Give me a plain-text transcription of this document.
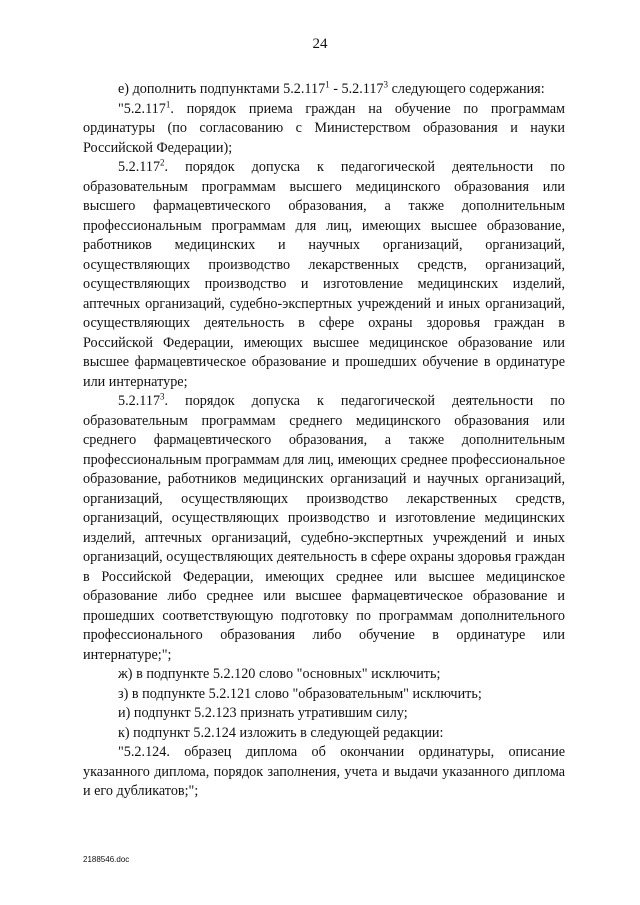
24

е) дополнить подпунктами 5.2.117$^1$ - 5.2.117$^3$ следующего содержания:

"5.2.117$^1$. порядок приема граждан на обучение по программам ординатуры (по согласованию с Министерством образования и науки Российской Федерации);

5.2.117$^2$. порядок допуска к педагогической деятельности по образовательным программам высшего медицинского образования или высшего фармацевтического образования, а также дополнительным профессиональным программам для лиц, имеющих высшее образование, работников медицинских и научных организаций, организаций, осуществляющих производство лекарственных средств, организаций, осуществляющих производство и изготовление медицинских изделий, аптечных организаций, судебно-экспертных учреждений и иных организаций, осуществляющих деятельность в сфере охраны здоровья граждан в Российской Федерации, имеющих высшее медицинское образование или высшее фармацевтическое образование и прошедших обучение в ординатуре или интернатуре;

5.2.117$^3$. порядок допуска к педагогической деятельности по образовательным программам среднего медицинского образования или среднего фармацевтического образования, а также дополнительным профессиональным программам для лиц, имеющих среднее профессиональное образование, работников медицинских организаций и научных организаций, организаций, осуществляющих производство лекарственных средств, организаций, осуществляющих производство и изготовление медицинских изделий, аптечных организаций, судебно-экспертных учреждений и иных организаций, осуществляющих деятельность в сфере охраны здоровья граждан в Российской Федерации, имеющих среднее или высшее медицинское образование либо среднее или высшее фармацевтическое образование и прошедших соответствующую подготовку по программам дополнительного профессионального образования либо обучение в ординатуре или интернатуре;";

ж) в подпункте 5.2.120 слово "основных" исключить;

з) в подпункте 5.2.121 слово "образовательным" исключить;

и) подпункт 5.2.123 признать утратившим силу;

к) подпункт 5.2.124 изложить в следующей редакции:

"5.2.124. образец диплома об окончании ординатуры, описание указанного диплома, порядок заполнения, учета и выдачи указанного диплома и его дубликатов;";

2188546.doc
